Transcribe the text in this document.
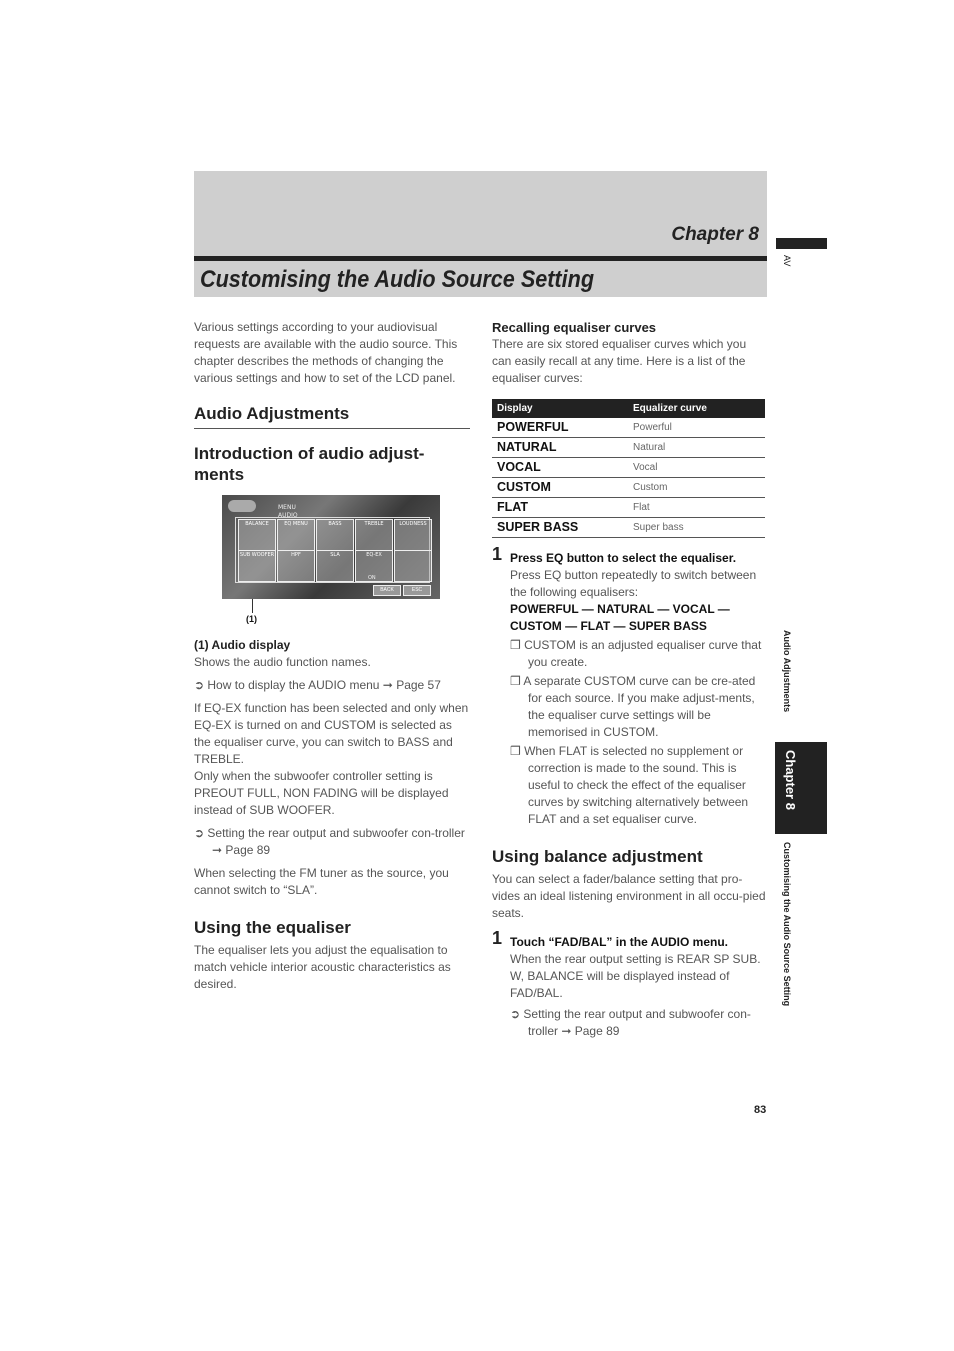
Chapter 8
Customising the Audio Source Setting

Various settings according to your audiovisual requests are available with the audio source. This chapter describes the methods of changing the various settings and how to set of the LCD panel.

Audio Adjustments
Introduction of audio adjust-ments
MENU
AUDIO
BALANCE	EQ MENU	BASS	TREBLE	LOUDNESS
SUB WOOFER	HPF	SLA	EQ-EX
ON
BACK	ESC
(1)
(1) Audio display

Shows the audio function names.

➲ How to display the AUDIO menu ➞ Page 57

If EQ-EX function has been selected and only when EQ-EX is turned on and CUSTOM is selected as the equaliser curve, you can switch to BASS and TREBLE.

Only when the subwoofer controller setting is PREOUT FULL, NON FADING will be displayed instead of SUB WOOFER.

➲ Setting the rear output and subwoofer con-troller ➞ Page 89

When selecting the FM tuner as the source, you cannot switch to “SLA”.

Using the equaliser

The equaliser lets you adjust the equalisation to match vehicle interior acoustic characteristics as desired.

Recalling equaliser curves

There are six stored equaliser curves which you can easily recall at any time. Here is a list of the equaliser curves:

Display	Equalizer curve
POWERFUL	Powerful
NATURAL	Natural
VOCAL	Vocal
CUSTOM	Custom
FLAT	Flat
SUPER BASS	Super bass
1 Press EQ button to select the equaliser.

Press EQ button repeatedly to switch between the following equalisers:

POWERFUL — NATURAL — VOCAL — CUSTOM — FLAT — SUPER BASS

❒ CUSTOM is an adjusted equaliser curve that you create.

❒ A separate CUSTOM curve can be cre-ated for each source. If you make adjust-ments, the equaliser curve settings will be memorised in CUSTOM.

❒ When FLAT is selected no supplement or correction is made to the sound. This is useful to check the effect of the equaliser curves by switching alternatively between FLAT and a set equaliser curve.

Using balance adjustment

You can select a fader/balance setting that pro-vides an ideal listening environment in all occu-pied seats.

1 Touch “FAD/BAL” in the AUDIO menu.

When the rear output setting is REAR SP SUB. W, BALANCE will be displayed instead of FAD/BAL.

➲ Setting the rear output and subwoofer con-troller ➞ Page 89

AV
Audio Adjustments
Chapter 8
Customising the Audio Source Setting
83
